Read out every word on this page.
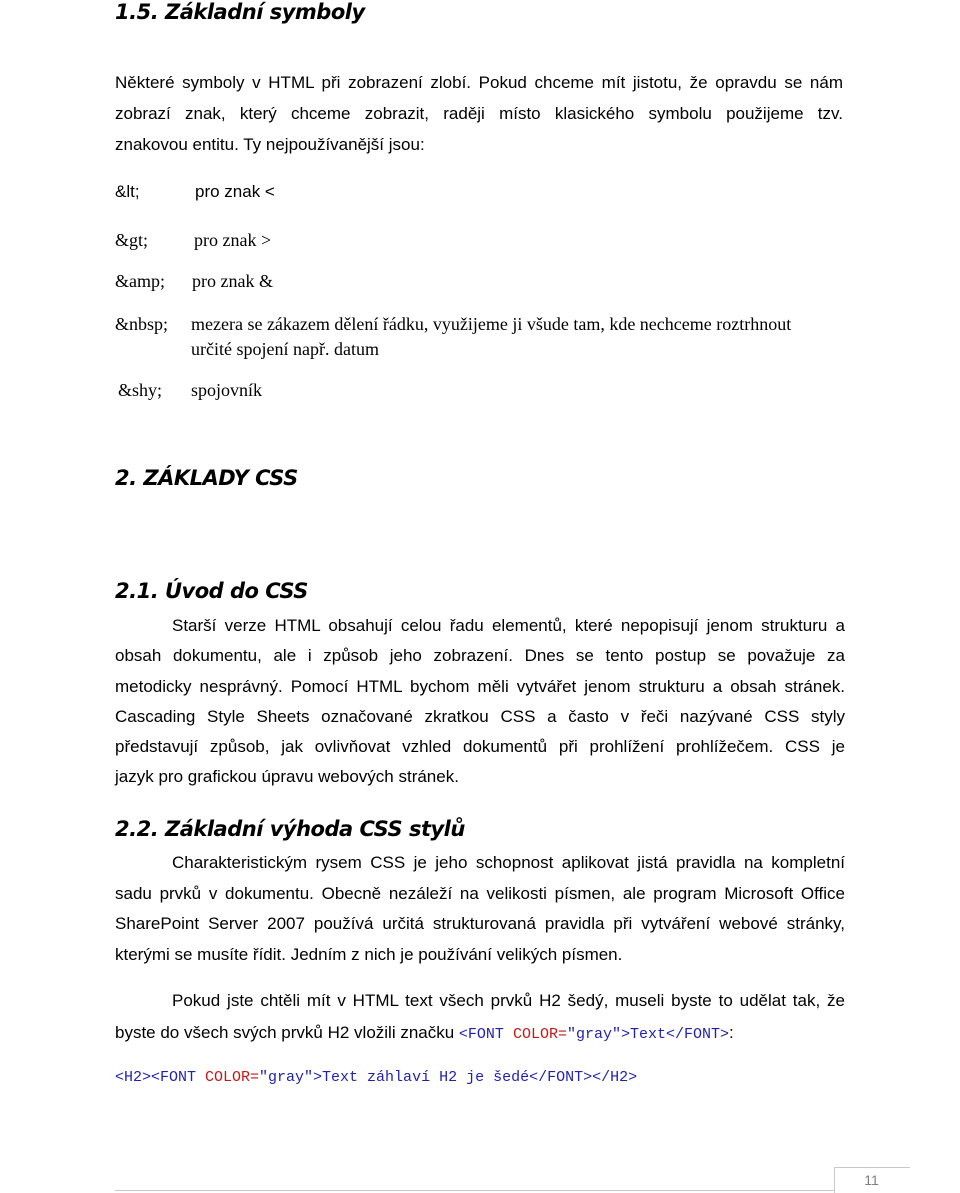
1.5. Základní symboly

Některé symboly v HTML při zobrazení zlobí. Pokud chceme mít jistotu, že opravdu se nám

zobrazí znak, který chceme zobrazit, raději místo klasického symbolu použijeme tzv.

znakovou entitu. Ty nejpoužívanější jsou:

&lt;	pro znak <
&gt;	pro znak >
&amp; pro znak &
&nbsp; mezera se zákazem dělení řádku, využijeme ji všude tam, kde nechceme roztrhnout
určité spojení např. datum
&shy; spojovník
2. ZÁKLADY CSS
2.1. Úvod do CSS

Starší verze HTML obsahují celou řadu elementů, které nepopisují jenom strukturu a

obsah dokumentu, ale i způsob jeho zobrazení. Dnes se tento postup se považuje za

metodicky nesprávný. Pomocí HTML bychom měli vytvářet jenom strukturu a obsah stránek.

Cascading Style Sheets označované zkratkou CSS a často v řeči nazývané CSS styly

představují způsob, jak ovlivňovat vzhled dokumentů při prohlížení prohlížečem. CSS je

jazyk pro grafickou úpravu webových stránek.

2.2. Základní výhoda CSS stylů

Charakteristickým rysem CSS je jeho schopnost aplikovat jistá pravidla na kompletní

sadu prvků v dokumentu. Obecně nezáleží na velikosti písmen, ale program Microsoft Office

SharePoint Server 2007 používá určitá strukturovaná pravidla při vytváření webové stránky,

kterými se musíte řídit. Jedním z nich je používání velikých písmen.

Pokud jste chtěli mít v HTML text všech prvků H2 šedý, museli byste to udělat tak, že

byste do všech svých prvků H2 vložili značku <FONT COLOR="gray">Text</FONT>:

<H2><FONT COLOR="gray">Text záhlaví H2 je šedé</FONT></H2>

11
